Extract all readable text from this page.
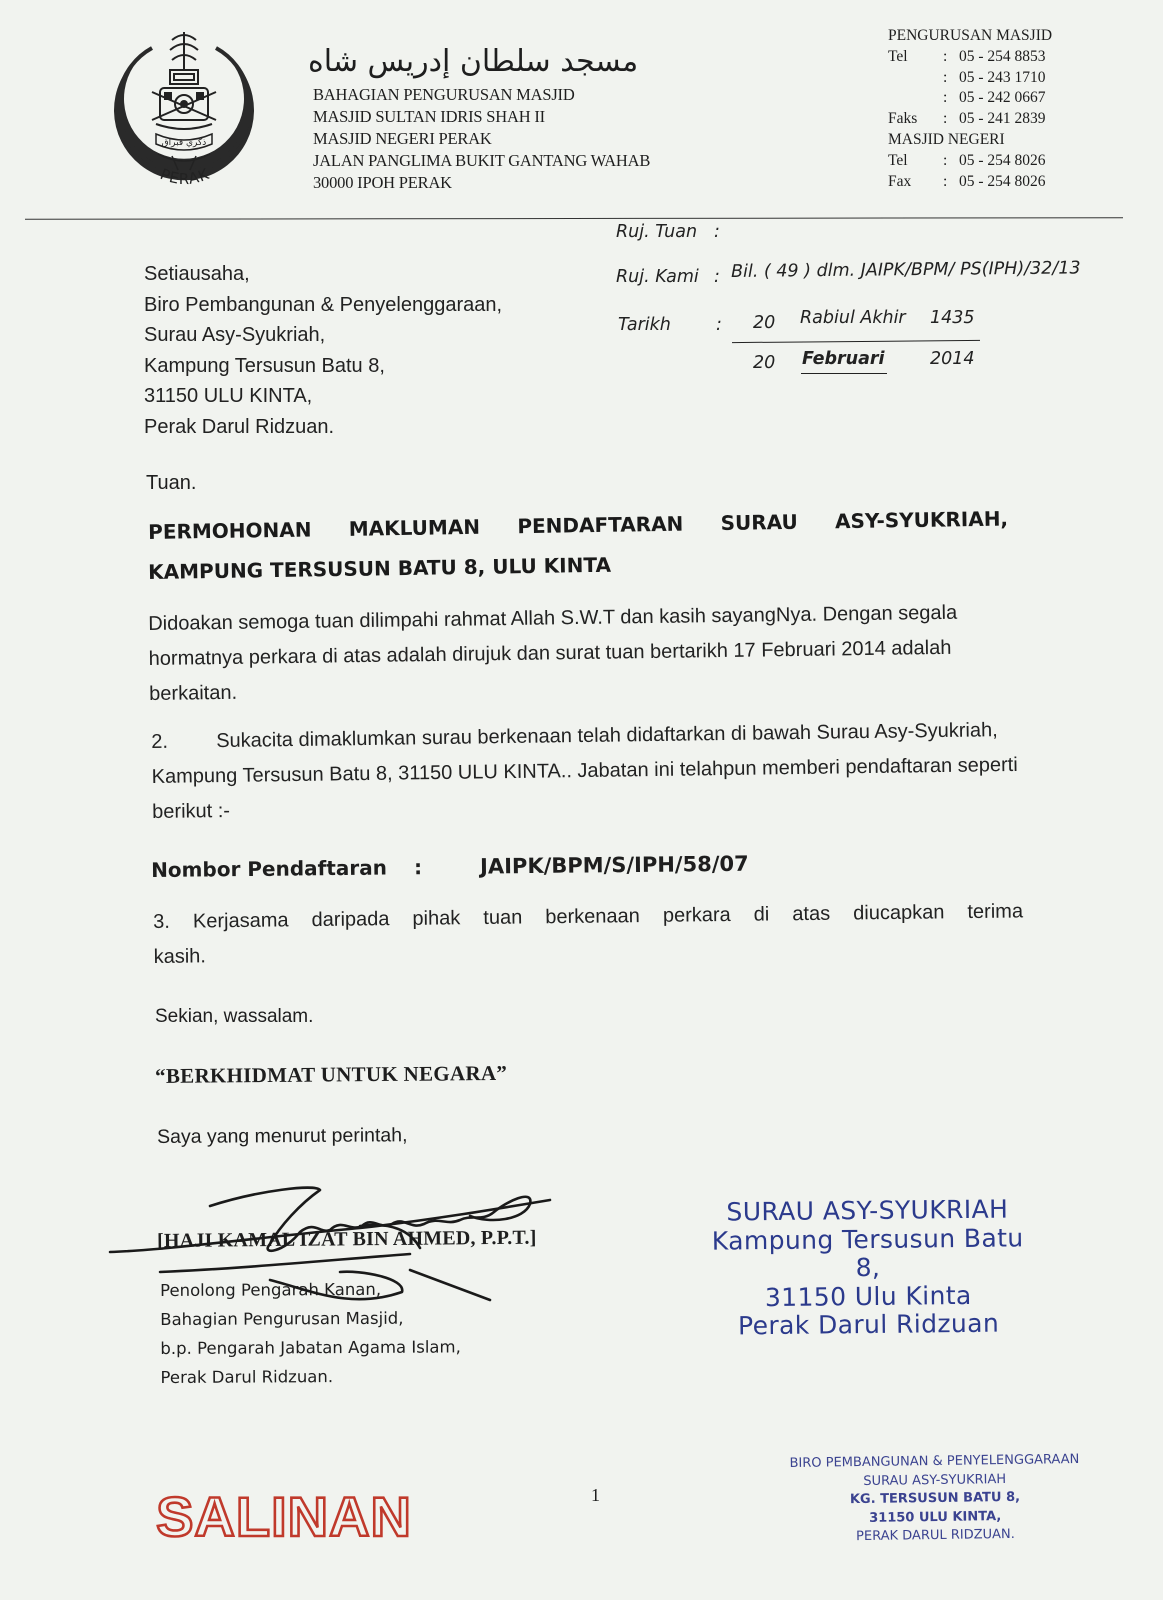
ذكري فبراق
PERAK
مسجد سلطان إدريس شاه
BAHAGIAN PENGURUSAN MASJID
MASJID SULTAN IDRIS SHAH II
MASJID NEGERI PERAK
JALAN PANGLIMA BUKIT GANTANG WAHAB
30000 IPOH PERAK
PENGURUSAN MASJID
Tel	: 05 - 254 8853
: 05 - 243 1710
: 05 - 242 0667
Faks	: 05 - 241 2839
MASJID NEGERI
Tel	: 05 - 254 8026
Fax	: 05 - 254 8026
Ruj. Tuan :
Ruj. Kami : Bil. ( 49 ) dlm. JAIPK/BPM/ PS(IPH)/32/13
Tarikh	: 20 Rabiul Akhir 1435
20 Februari	2014
Setiausaha,
Biro Pembangunan & Penyelenggaraan,
Surau Asy-Syukriah,
Kampung Tersusun Batu 8,
31150 ULU KINTA,
Perak Darul Ridzuan.
Tuan.
PERMOHONAN MAKLUMAN PENDAFTARAN SURAU ASY-SYUKRIAH,
KAMPUNG TERSUSUN BATU 8, ULU KINTA
Didoakan semoga tuan dilimpahi rahmat Allah S.W.T dan kasih sayangNya. Dengan segala hormatnya perkara di atas adalah dirujuk dan surat tuan bertarikh 17 Februari 2014 adalah berkaitan.
2. Sukacita dimaklumkan surau berkenaan telah didaftarkan di bawah Surau Asy-Syukriah, Kampung Tersusun Batu 8, 31150 ULU KINTA.. Jabatan ini telahpun memberi pendaftaran seperti berikut :-
Nombor Pendaftaran :	JAIPK/BPM/S/IPH/58/07
3. Kerjasama daripada pihak tuan berkenaan perkara di atas diucapkan terima
kasih.
Sekian, wassalam.
“BERKHIDMAT UNTUK NEGARA”
Saya yang menurut perintah,
[HAJI KAMAL IZAT BIN AHMED, P.P.T.]
Penolong Pengarah Kanan,
Bahagian Pengurusan Masjid,
b.p. Pengarah Jabatan Agama Islam,
Perak Darul Ridzuan.
SURAU ASY-SYUKRIAH
Kampung Tersusun Batu 8,
31150 Ulu Kinta
Perak Darul Ridzuan
1
SALINAN
BIRO PEMBANGUNAN & PENYELENGGARAAN
SURAU ASY-SYUKRIAH
KG. TERSUSUN BATU 8,
31150 ULU KINTA,
PERAK DARUL RIDZUAN.
